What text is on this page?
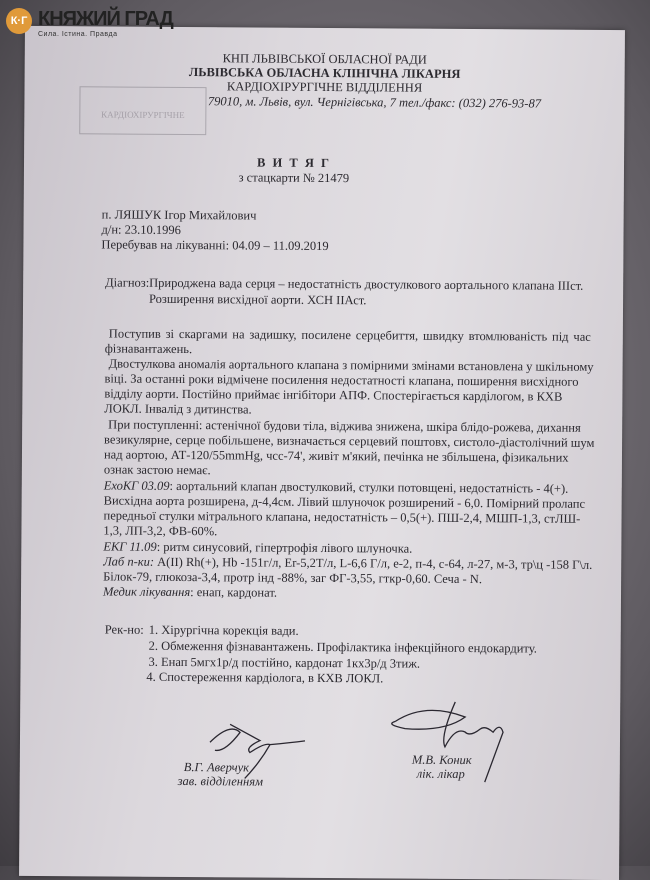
К·Г КНЯЖИЙ ГРАД
Сила. Істина. Правда
КНП ЛЬВІВСЬКОЇ ОБЛАСНОЇ РАДИ
ЛЬВІВСЬКА ОБЛАСНА КЛІНІЧНА ЛІКАРНЯ
КАРДІОХІРУРГІЧНЕ ВІДДІЛЕННЯ
79010, м. Львів, вул. Чернігівська, 7 тел./факс: (032) 276-93-87

КАРДІОХІРУРГІЧНЕ
В И Т Я Г
з стацкарти № 21479
п. ЛЯШУК Ігор Михайлович
д/н: 23.10.1996
Перебував на лікуванні: 04.09 – 11.09.2019
Діагноз: Природжена вада серця – недостатність двостулкового аортального клапана IIIст.
Розширення висхідної аорти. ХСН IIАст.
Поступив зі скаргами на задишку, посилене серцебиття, швидку втомлюваність під час
фізнавантажень.
Двостулкова аномалія аортального клапана з помірними змінами встановлена у шкільному
віці. За останні роки відмічене посилення недостатності клапана, поширення висхідного
відділу аорти. Постійно приймає інгібітори АПФ. Спостерігається карділогом, в КХВ
ЛОКЛ. Інвалід з дитинства.
При поступленні: астенічної будови тіла, віджива знижена, шкіра блідо-рожева, дихання
везикулярне, серце побільшене, визначається серцевий поштовх, систоло-діастолічний шум
над аортою, АТ-120/55mmHg, чсс-74', живіт м'який, печінка не збільшена, фізикальних
ознак застою немає.
ЕхоКГ 03.09: аортальний клапан двостулковий, стулки потовщені, недостатність - 4(+).
Висхідна аорта розширена, д-4,4см. Лівий шлуночок розширений - 6,0. Помірний пролапс
передньої стулки мітрального клапана, недостатність – 0,5(+). ПШ-2,4, МШП-1,3, стЛШ-
1,3, ЛП-3,2, ФВ-60%.
ЕКГ 11.09: ритм синусовий, гіпертрофія лівого шлуночка.
Лаб п-ки: A(II) Rh(+), Hb -151г/л, Er-5,2Т/л, L-6,6 Г/л, е-2, п-4, с-64, л-27, м-3, тр\ц -158 Г\л.
Білок-79, глюкоза-3,4, протр інд -88%, заг ФГ-3,55, гткр-0,60. Сеча - N.
Медик лікування: енап, кардонат.
Рек-но: 1. Хірургічна корекція вади.
2. Обмеження фізнавантажень. Профілактика інфекційного ендокардиту.
3. Енап 5мгх1р/д постійно, кардонат 1кх3р/д 3тиж.
4. Спостереження кардіолога, в КХВ ЛОКЛ.
В.Г. Аверчук
зав. відділенням
М.В. Коник
лік. лікар
